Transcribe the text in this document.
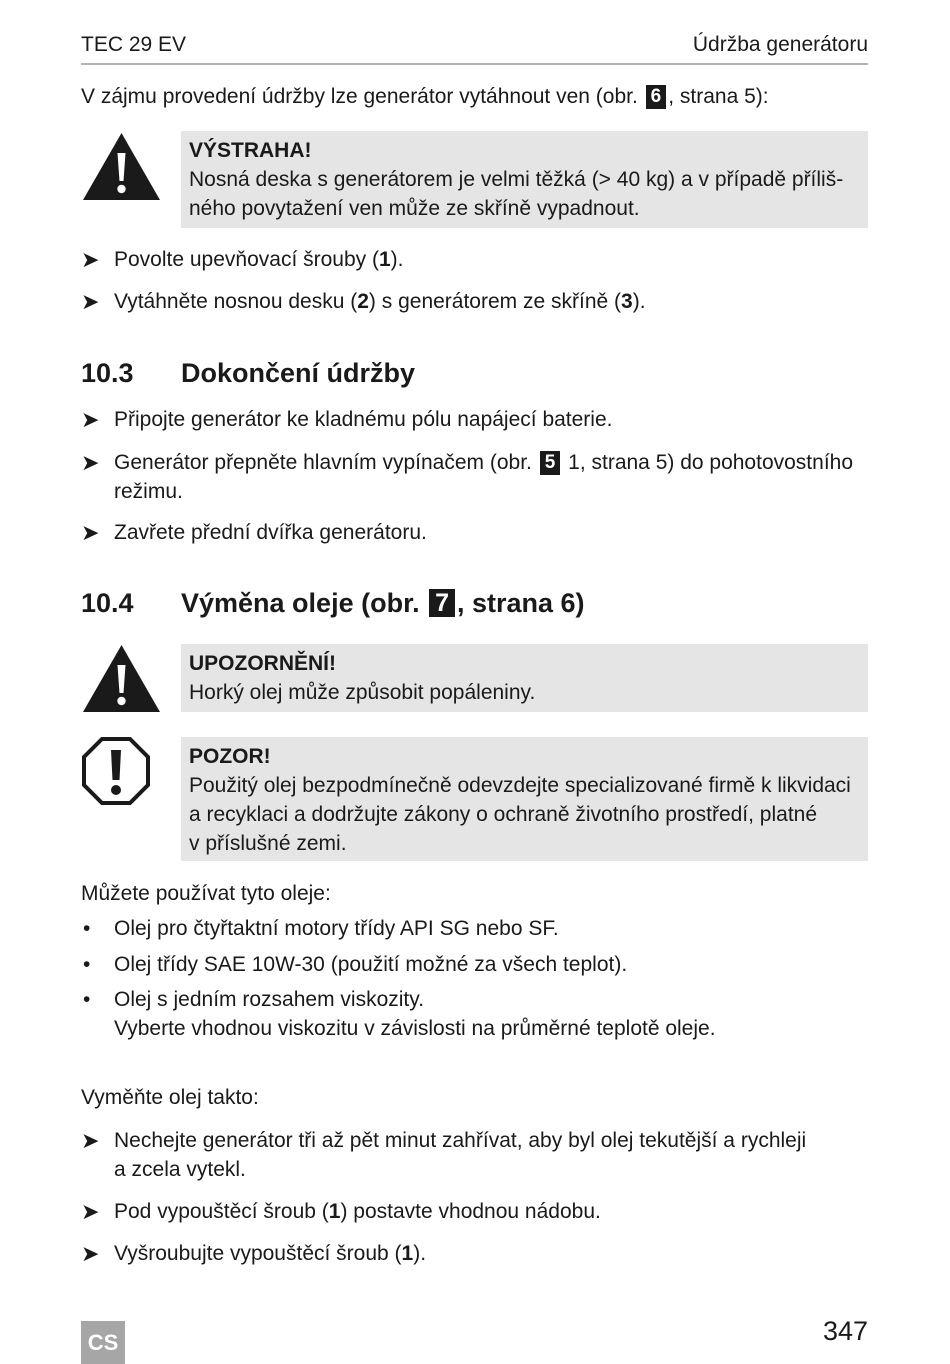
TEC 29 EV	Údržba generátoru
V zájmu provedení údržby lze generátor vytáhnout ven (obr. 6 , strana 5):
VÝSTRAHA!
Nosná deska s generátorem je velmi těžká (> 40 kg) a v případě příliš-
ného povytažení ven může ze skříně vypadnout.
➤ Povolte upevňovací šrouby (1).
➤ Vytáhněte nosnou desku (2) s generátorem ze skříně (3).
10.3 Dokončení údržby
➤ Připojte generátor ke kladnému pólu napájecí baterie.
➤ Generátor přepněte hlavním vypínačem (obr. 5 1, strana 5) do pohotovostního
režimu.
➤ Zavřete přední dvířka generátoru.
10.4 Výměna oleje (obr. 7 , strana 6)
UPOZORNĚNÍ!
Horký olej může způsobit popáleniny.
POZOR!
Použitý olej bezpodmínečně odevzdejte specializované firmě k likvidaci
a recyklaci a dodržujte zákony o ochraně životního prostředí, platné
v příslušné zemi.
Můžete používat tyto oleje:
• Olej pro čtyřtaktní motory třídy API SG nebo SF.
• Olej třídy SAE 10W-30 (použití možné za všech teplot).
• Olej s jedním rozsahem viskozity.
Vyberte vhodnou viskozitu v závislosti na průměrné teplotě oleje.
Vyměňte olej takto:
➤ Nechejte generátor tři až pět minut zahřívat, aby byl olej tekutější a rychleji
a zcela vytekl.
➤ Pod vypouštěcí šroub (1) postavte vhodnou nádobu.
➤ Vyšroubujte vypouštěcí šroub (1).
CS	347
